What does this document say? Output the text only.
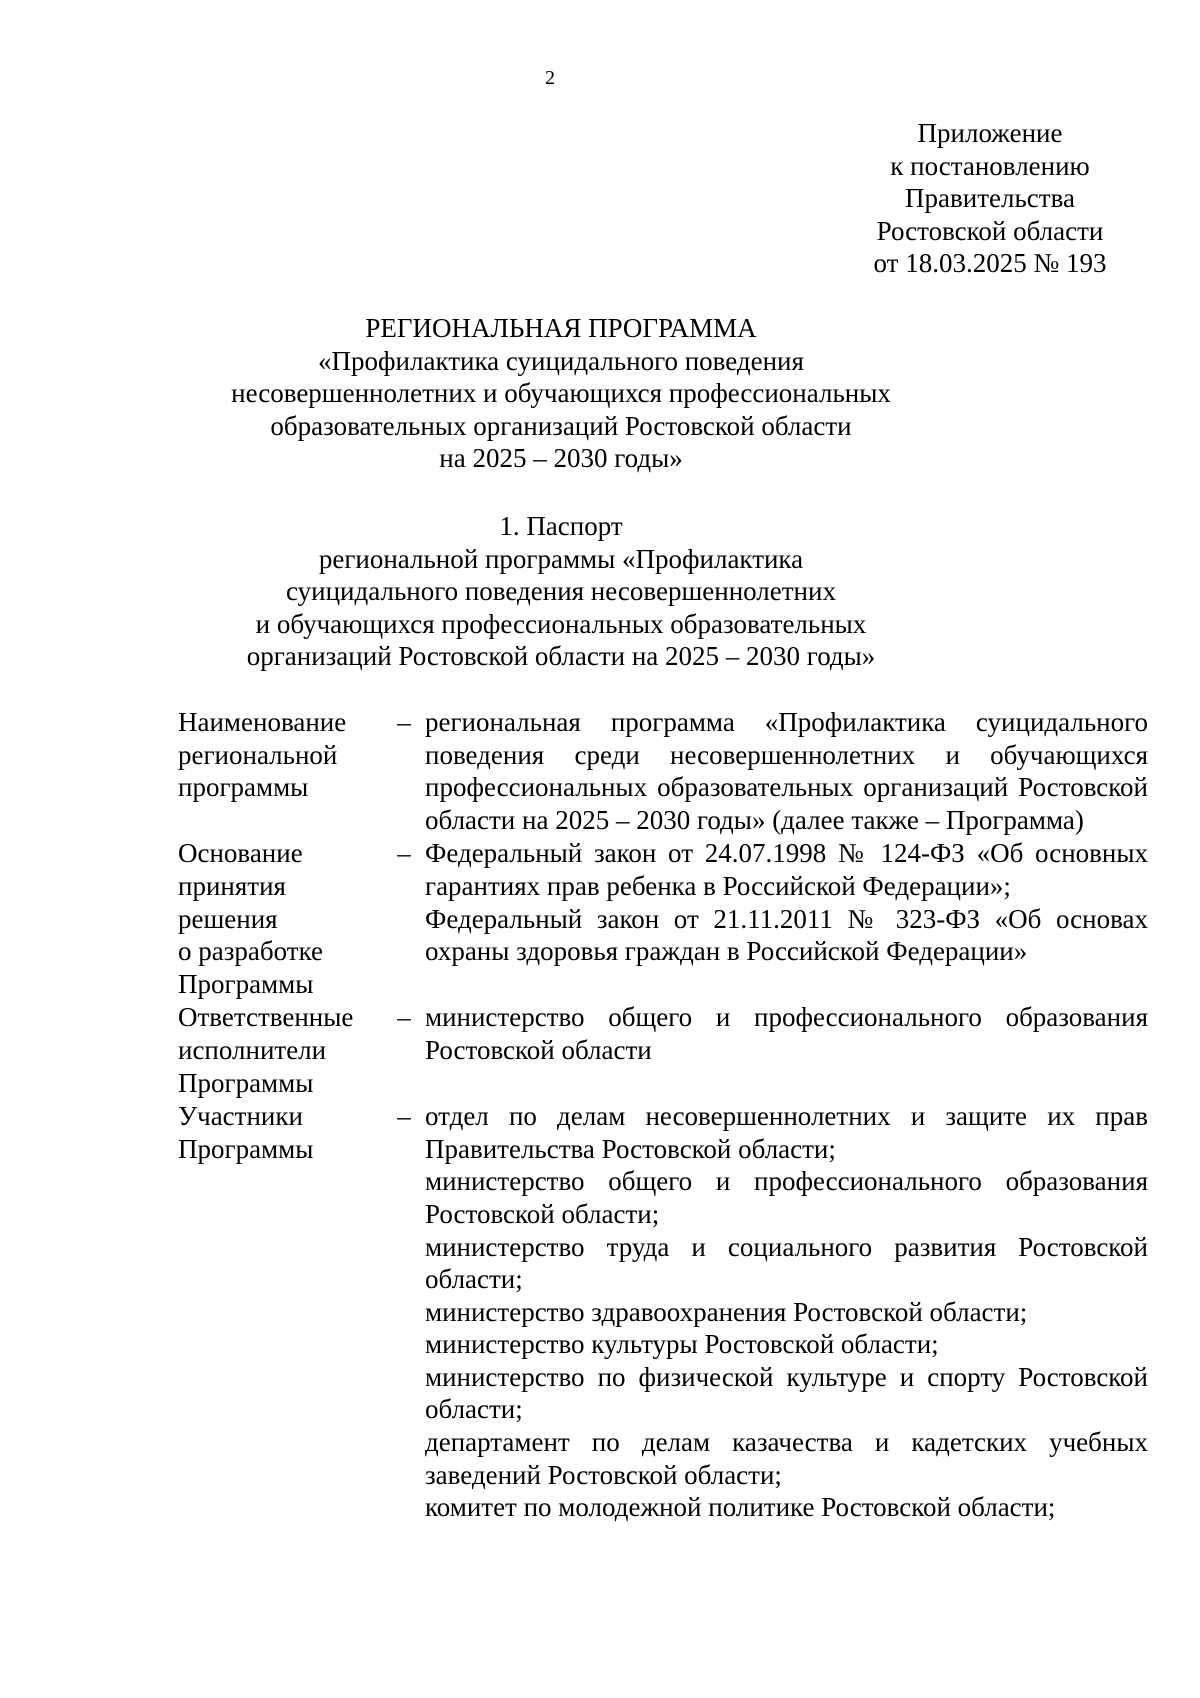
2
Приложение
к постановлению
Правительства
Ростовской области
от 18.03.2025 № 193
РЕГИОНАЛЬНАЯ ПРОГРАММА
«Профилактика суицидального поведения
несовершеннолетних и обучающихся профессиональных
образовательных организаций Ростовской области
на 2025 – 2030 годы»
1. Паспорт
региональной программы «Профилактика
суицидального поведения несовершеннолетних
и обучающихся профессиональных образовательных
организаций Ростовской области на 2025 – 2030 годы»
Наименование
региональной
программы
– региональная программа «Профилактика суицидального поведения среди несовершеннолетних и обучающихся профессиональных образовательных организаций Ростовской области на 2025 – 2030 годы» (далее также – Программа)

Основание
принятия
решения
о разработке
Программы
– Федеральный закон от 24.07.1998 № 124-ФЗ «Об основных гарантиях прав ребенка в Российской Федерации»;

Федеральный закон от 21.11.2011 № 323-ФЗ «Об основах охраны здоровья граждан в Российской Федерации»

Ответственные
исполнители
Программы
– министерство общего и профессионального образования Ростовской области

Участники
Программы
– отдел по делам несовершеннолетних и защите их прав Правительства Ростовской области;

министерство общего и профессионального образования Ростовской области;

министерство труда и социального развития Ростовской области;

министерство здравоохранения Ростовской области;

министерство культуры Ростовской области;

министерство по физической культуре и спорту Ростовской области;

департамент по делам казачества и кадетских учебных заведений Ростовской области;

комитет по молодежной политике Ростовской области;
